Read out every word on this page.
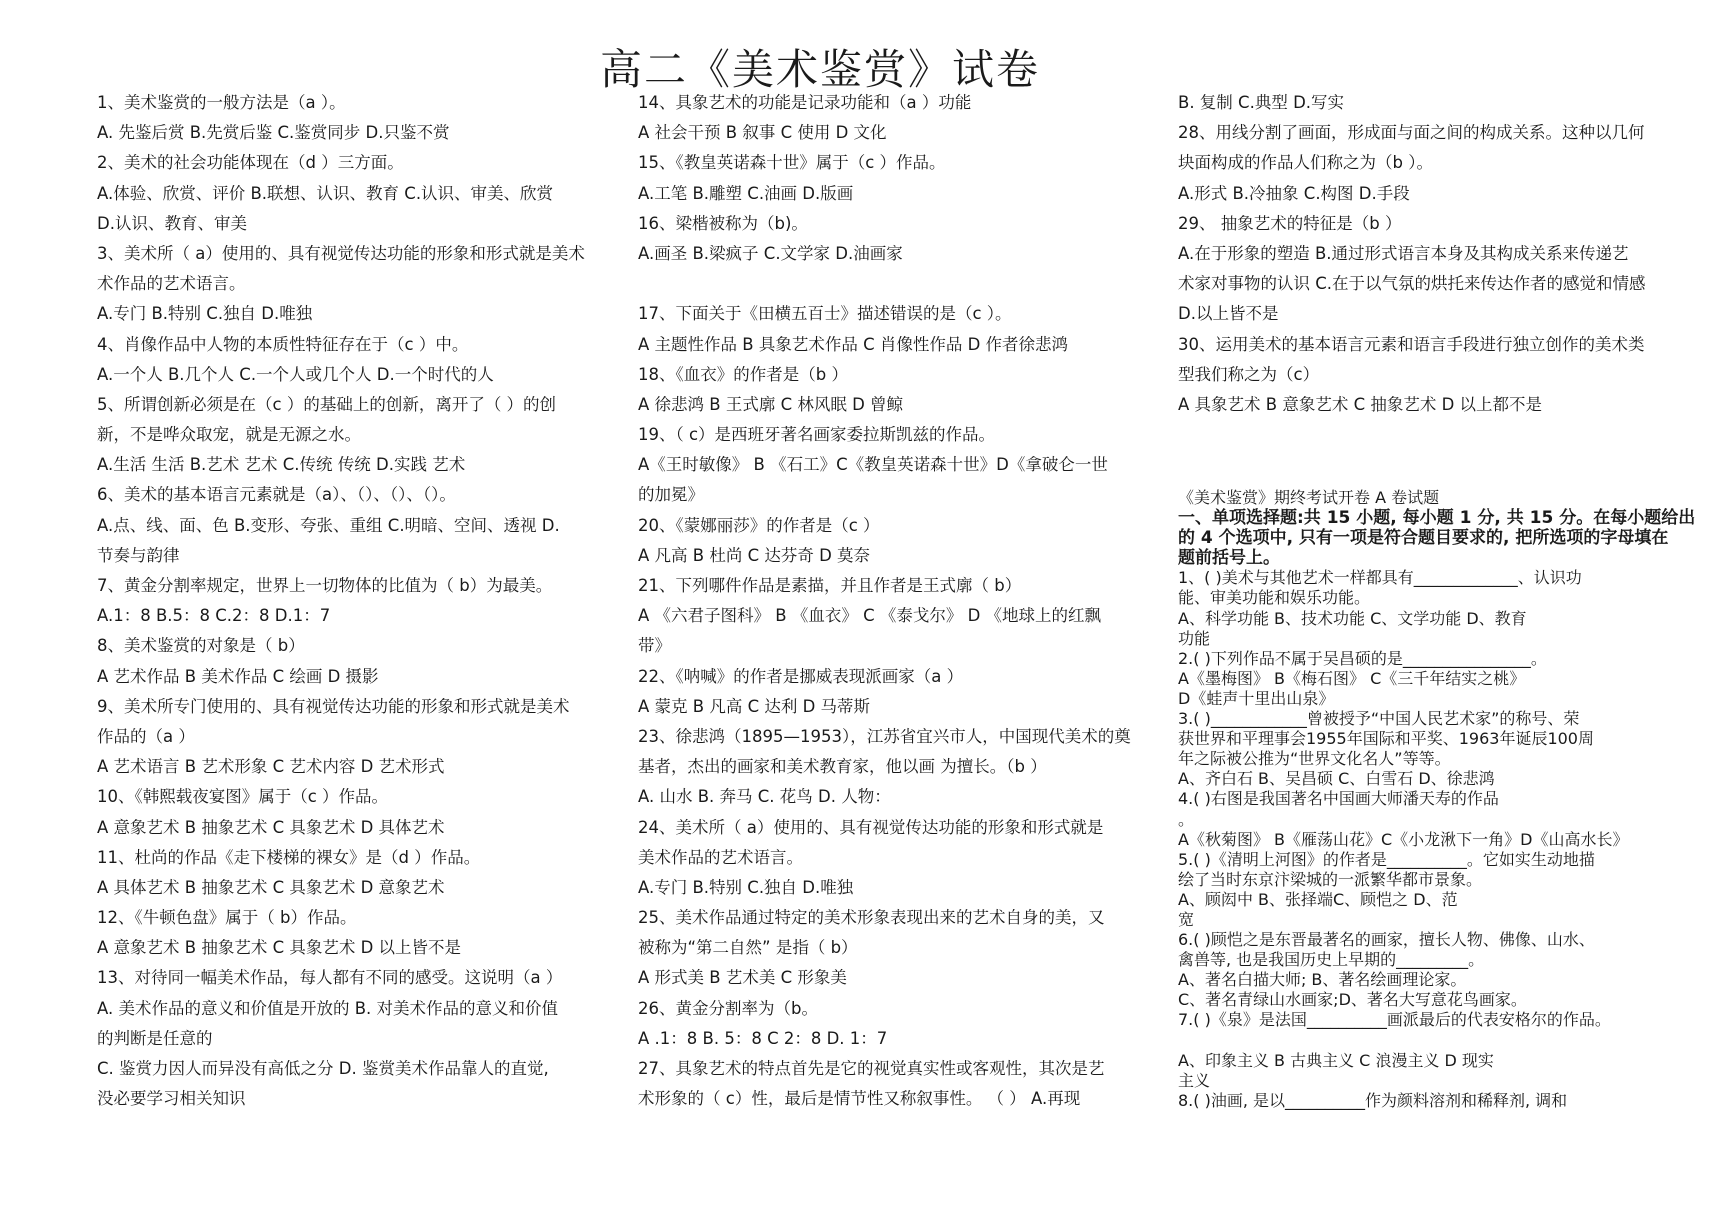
高二《美术鉴赏》试卷

1、美术鉴赏的一般方法是（a ）。

A. 先鉴后赏 B.先赏后鉴 C.鉴赏同步 D.只鉴不赏

2、美术的社会功能体现在（d ）三方面。

A.体验、欣赏、评价 B.联想、认识、教育 C.认识、审美、欣赏

D.认识、教育、审美

3、美术所（ a）使用的、具有视觉传达功能的形象和形式就是美术

术作品的艺术语言。

A.专门 B.特别 C.独自 D.唯独

4、肖像作品中人物的本质性特征存在于（c ）中。

A.一个人 B.几个人 C.一个人或几个人 D.一个时代的人

5、所谓创新必须是在（c ）的基础上的创新，离开了（ ）的创

新，不是哗众取宠，就是无源之水。

A.生活 生活 B.艺术 艺术 C.传统 传统 D.实践 艺术

6、美术的基本语言元素就是（a）、（）、（）、（）。

A.点、线、面、色 B.变形、夸张、重组 C.明暗、空间、透视 D.

节奏与韵律

7、黄金分割率规定，世界上一切物体的比值为（ b）为最美。

A.1：8 B.5：8 C.2：8 D.1：7

8、美术鉴赏的对象是（ b）

A 艺术作品 B 美术作品 C 绘画 D 摄影

9、美术所专门使用的、具有视觉传达功能的形象和形式就是美术

作品的（a ）

A 艺术语言 B 艺术形象 C 艺术内容 D 艺术形式

10、《韩熙载夜宴图》属于（c ）作品。

A 意象艺术 B 抽象艺术 C 具象艺术 D 具体艺术

11、杜尚的作品《走下楼梯的裸女》是（d ）作品。

A 具体艺术 B 抽象艺术 C 具象艺术 D 意象艺术

12、《牛顿色盘》属于（ b）作品。

A 意象艺术 B 抽象艺术 C 具象艺术 D 以上皆不是

13、对待同一幅美术作品，每人都有不同的感受。这说明（a ）

A. 美术作品的意义和价值是开放的 B. 对美术作品的意义和价值

的判断是任意的

C. 鉴赏力因人而异没有高低之分 D. 鉴赏美术作品靠人的直觉,

没必要学习相关知识

14、具象艺术的功能是记录功能和（a ）功能

A 社会干预 B 叙事 C 使用 D 文化

15、《教皇英诺森十世》属于（c ）作品。

A.工笔 B.雕塑 C.油画 D.版画

16、梁楷被称为（b)。

A.画圣 B.梁疯子 C.文学家 D.油画家

17、下面关于《田横五百士》描述错误的是（c ）。

A 主题性作品 B 具象艺术作品 C 肖像性作品 D 作者徐悲鸿

18、《血衣》的作者是（b ）

A 徐悲鸿 B 王式廓 C 林风眠 D 曾鲸

19、（ c）是西班牙著名画家委拉斯凯兹的作品。

A《王时敏像》 B 《石工》C《教皇英诺森十世》D《拿破仑一世

的加冕》

20、《蒙娜丽莎》的作者是（c ）

A 凡高 B 杜尚 C 达芬奇 D 莫奈

21、下列哪件作品是素描，并且作者是王式廓（ b）

A 《六君子图科》 B 《血衣》 C 《泰戈尔》 D 《地球上的红飘

带》

22、《呐喊》的作者是挪威表现派画家（a ）

A 蒙克 B 凡高 C 达利 D 马蒂斯

23、徐悲鸿（1895—1953），江苏省宜兴市人，中国现代美术的奠

基者，杰出的画家和美术教育家，他以画 为擅长。（b ）

A. 山水 B. 奔马 C. 花鸟 D. 人物：

24、美术所（ a）使用的、具有视觉传达功能的形象和形式就是

美术作品的艺术语言。

A.专门 B.特别 C.独自 D.唯独

25、美术作品通过特定的美术形象表现出来的艺术自身的美，又

被称为“第二自然” 是指（ b）

A 形式美 B 艺术美 C 形象美

26、黄金分割率为（b。

A .1：8 B. 5：8 C 2：8 D. 1：7

27、具象艺术的特点首先是它的视觉真实性或客观性，其次是艺

术形象的（ c）性，最后是情节性又称叙事性。 （ ） A.再现

B. 复制 C.典型 D.写实

28、用线分割了画面，形成面与面之间的构成关系。这种以几何

块面构成的作品人们称之为（b ）。

A.形式 B.冷抽象 C.构图 D.手段

29、 抽象艺术的特征是（b ）

A.在于形象的塑造 B.通过形式语言本身及其构成关系来传递艺

术家对事物的认识 C.在于以气氛的烘托来传达作者的感觉和情感

D.以上皆不是

30、运用美术的基本语言元素和语言手段进行独立创作的美术类

型我们称之为（c）

A 具象艺术 B 意象艺术 C 抽象艺术 D 以上都不是

《美术鉴赏》期终考试开卷 A 卷试题

一、单项选择题:共 15 小题, 每小题 1 分, 共 15 分。在每小题给出

的 4 个选项中, 只有一项是符合题目要求的, 把所选项的字母填在

题前括号上。

1、( )美术与其他艺术一样都具有_____________、认识功

能、审美功能和娱乐功能。

A、科学功能 B、技术功能 C、文学功能 D、教育

功能

2.( )下列作品不属于吴昌硕的是________________。

A《墨梅图》 B《梅石图》 C《三千年结实之桃》

D《蛙声十里出山泉》

3.( )____________曾被授予“中国人民艺术家”的称号、荣

获世界和平理事会1955年国际和平奖、1963年诞辰100周

年之际被公推为“世界文化名人”等等。

A、齐白石 B、吴昌硕 C、白雪石 D、徐悲鸿

4.( )右图是我国著名中国画大师潘天寿的作品

。

A《秋菊图》 B《雁荡山花》C《小龙湫下一角》D《山高水长》

5.( )《清明上河图》的作者是__________。它如实生动地描

绘了当时东京汴梁城的一派繁华都市景象。

A、顾闳中 B、张择端C、顾恺之 D、范

宽

6.( )顾恺之是东晋最著名的画家，擅长人物、佛像、山水、

禽兽等, 也是我国历史上早期的_________。

A、著名白描大师; B、著名绘画理论家。

C、著名青绿山水画家;D、著名大写意花鸟画家。

7.( )《泉》是法国__________画派最后的代表安格尔的作品。

A、印象主义 B 古典主义 C 浪漫主义 D 现实

主义

8.( )油画, 是以__________作为颜料溶剂和稀释剂, 调和
